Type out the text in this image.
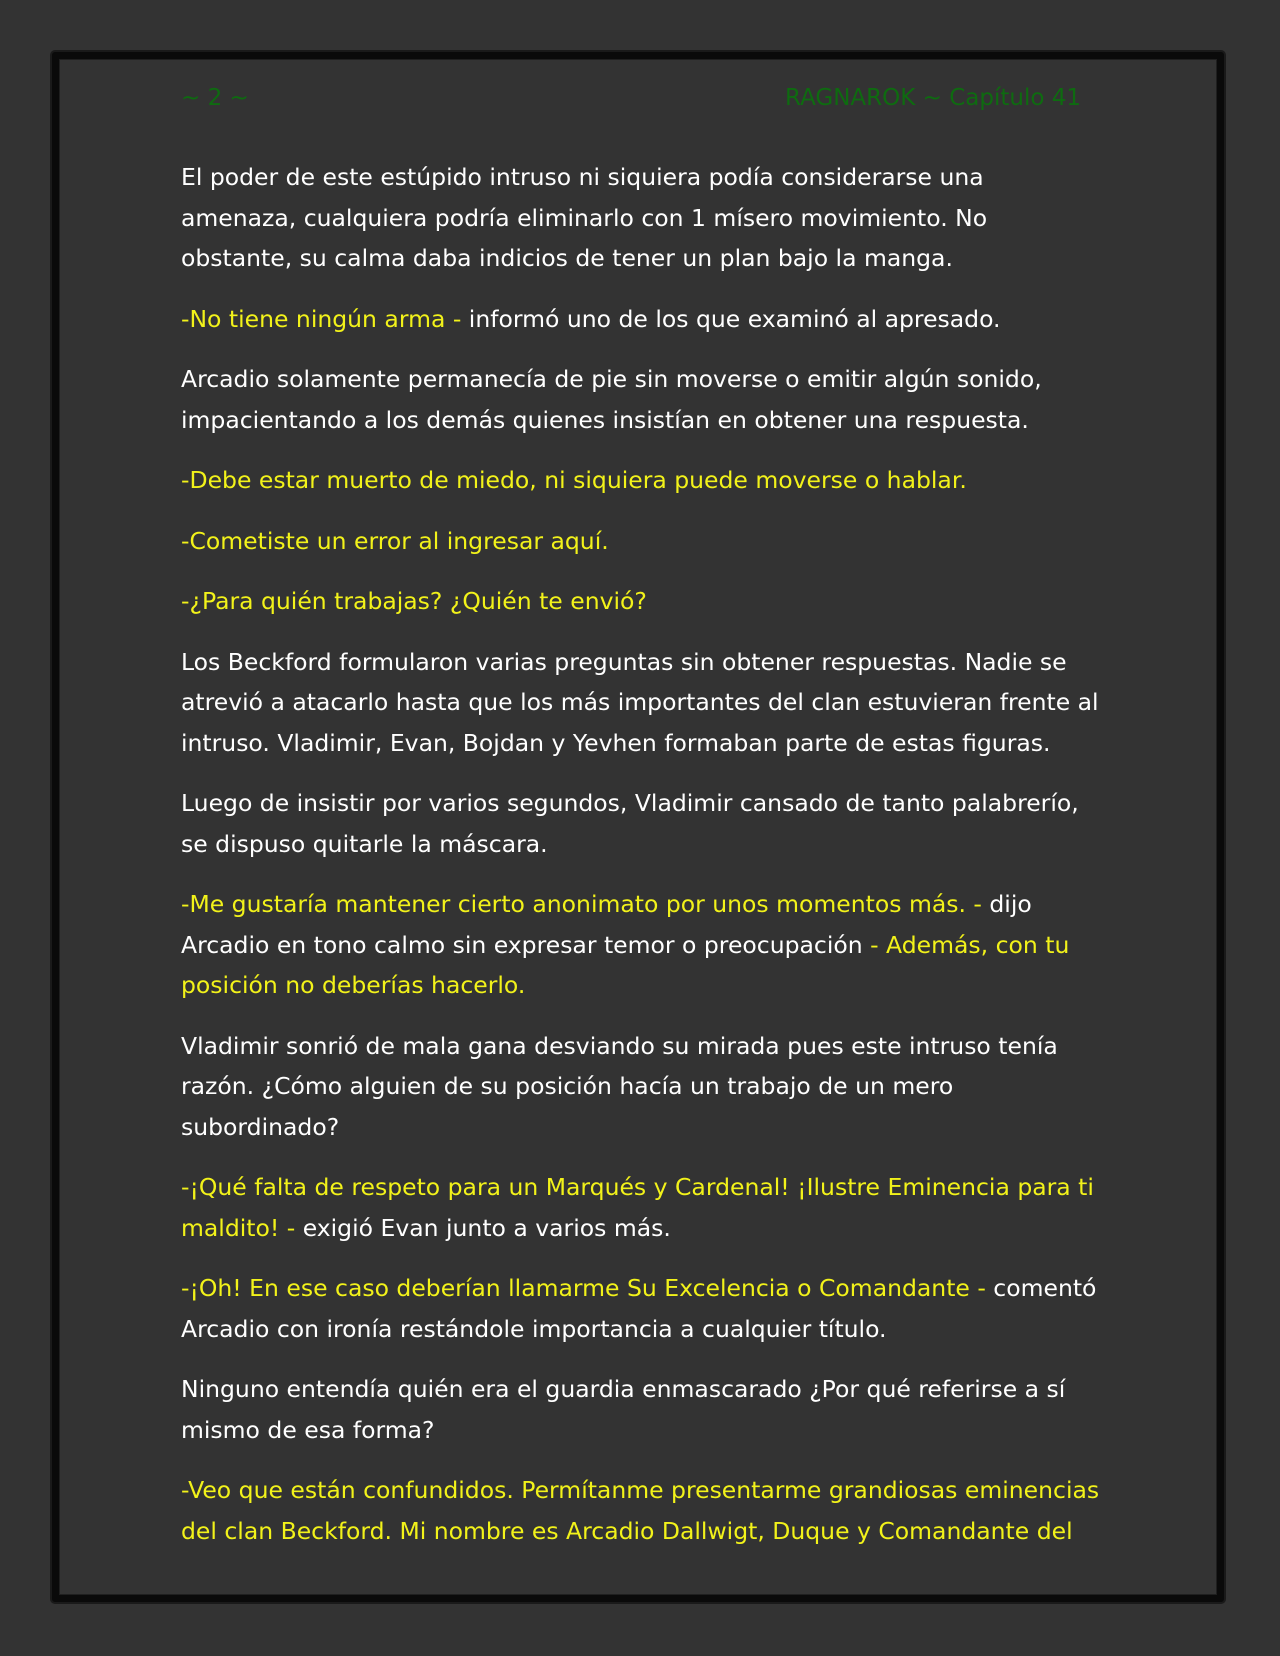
~ 2 ~	RAGNAROK ~ Capítulo 41

El poder de este estúpido intruso ni siquiera podía considerarse una amenaza, cualquiera podría eliminarlo con 1 mísero movimiento. No obstante, su calma daba indicios de tener un plan bajo la manga.

-No tiene ningún arma - informó uno de los que examinó al apresado.

Arcadio solamente permanecía de pie sin moverse o emitir algún sonido, impacientando a los demás quienes insistían en obtener una respuesta.

-Debe estar muerto de miedo, ni siquiera puede moverse o hablar.

-Cometiste un error al ingresar aquí.

-¿Para quién trabajas? ¿Quién te envió?

Los Beckford formularon varias preguntas sin obtener respuestas. Nadie se atrevió a atacarlo hasta que los más importantes del clan estuvieran frente al intruso. Vladimir, Evan, Bojdan y Yevhen formaban parte de estas figuras.

Luego de insistir por varios segundos, Vladimir cansado de tanto palabrerío, se dispuso quitarle la máscara.

-Me gustaría mantener cierto anonimato por unos momentos más. - dijo Arcadio en tono calmo sin expresar temor o preocupación - Además, con tu posición no deberías hacerlo.

Vladimir sonrió de mala gana desviando su mirada pues este intruso tenía razón. ¿Cómo alguien de su posición hacía un trabajo de un mero subordinado?

-¡Qué falta de respeto para un Marqués y Cardenal! ¡Ilustre Eminencia para ti maldito! - exigió Evan junto a varios más.

-¡Oh! En ese caso deberían llamarme Su Excelencia o Comandante - comentó Arcadio con ironía restándole importancia a cualquier título.

Ninguno entendía quién era el guardia enmascarado ¿Por qué referirse a sí mismo de esa forma?

-Veo que están confundidos. Permítanme presentarme grandiosas eminencias del clan Beckford. Mi nombre es Arcadio Dallwigt, Duque y Comandante del
